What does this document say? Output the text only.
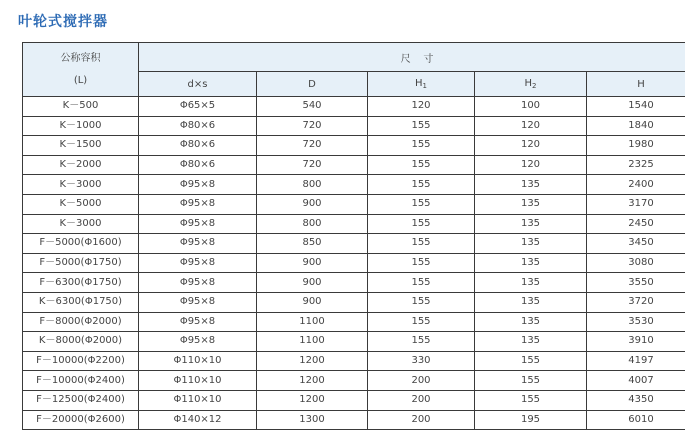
叶轮式搅拌器
公称容积
(L)	尺    寸				
	d×s	D	$H_1$	$H_2$	H
K－500	Φ65×5	540	120	100	1540
K－1000	Φ80×6	720	155	120	1840
K－1500	Φ80×6	720	155	120	1980
K－2000	Φ80×6	720	155	120	2325
K－3000	Φ95×8	800	155	135	2400
K－5000	Φ95×8	900	155	135	3170
K－3000	Φ95×8	800	155	135	2450
F－5000(Φ1600)	Φ95×8	850	155	135	3450
F－5000(Φ1750)	Φ95×8	900	155	135	3080
F－6300(Φ1750)	Φ95×8	900	155	135	3550
K－6300(Φ1750)	Φ95×8	900	155	135	3720
F－8000(Φ2000)	Φ95×8	1100	155	135	3530
K－8000(Φ2000)	Φ95×8	1100	155	135	3910
F－10000(Φ2200)	Φ110×10	1200	330	155	4197
F－10000(Φ2400)	Φ110×10	1200	200	155	4007
F－12500(Φ2400)	Φ110×10	1200	200	155	4350
F－20000(Φ2600)	Φ140×12	1300	200	195	6010
